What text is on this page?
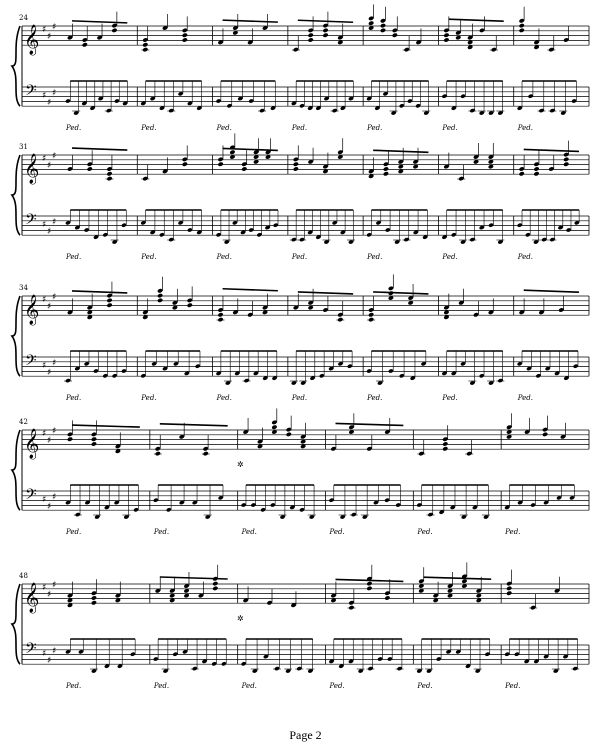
24
𝄞
𝄢
♯
♯
♯
♯
♯
♯
Ped.	Ped.	Ped.	Ped.	Ped.	Ped.	Ped.
31
𝄞
𝄢
♯
♯
♯
♯
♯
♯
Ped.	Ped.	Ped.	Ped.	Ped.	Ped.	Ped.
34
𝄞
𝄢
♯
♯
♯
♯
♯
♯
Ped.	Ped.	Ped.	Ped.	Ped.	Ped.	Ped.
42
𝄞
𝄢
♯
♯
♯
♯
♯
♯
Ped.	Ped.	Ped.	Ped.	Ped.	Ped.
✲
48
𝄞
𝄢
♯
♯
♯
♯
♯
♯
Ped.	Ped.	Ped.	Ped.	Ped.	Ped.
✲
Page 2
